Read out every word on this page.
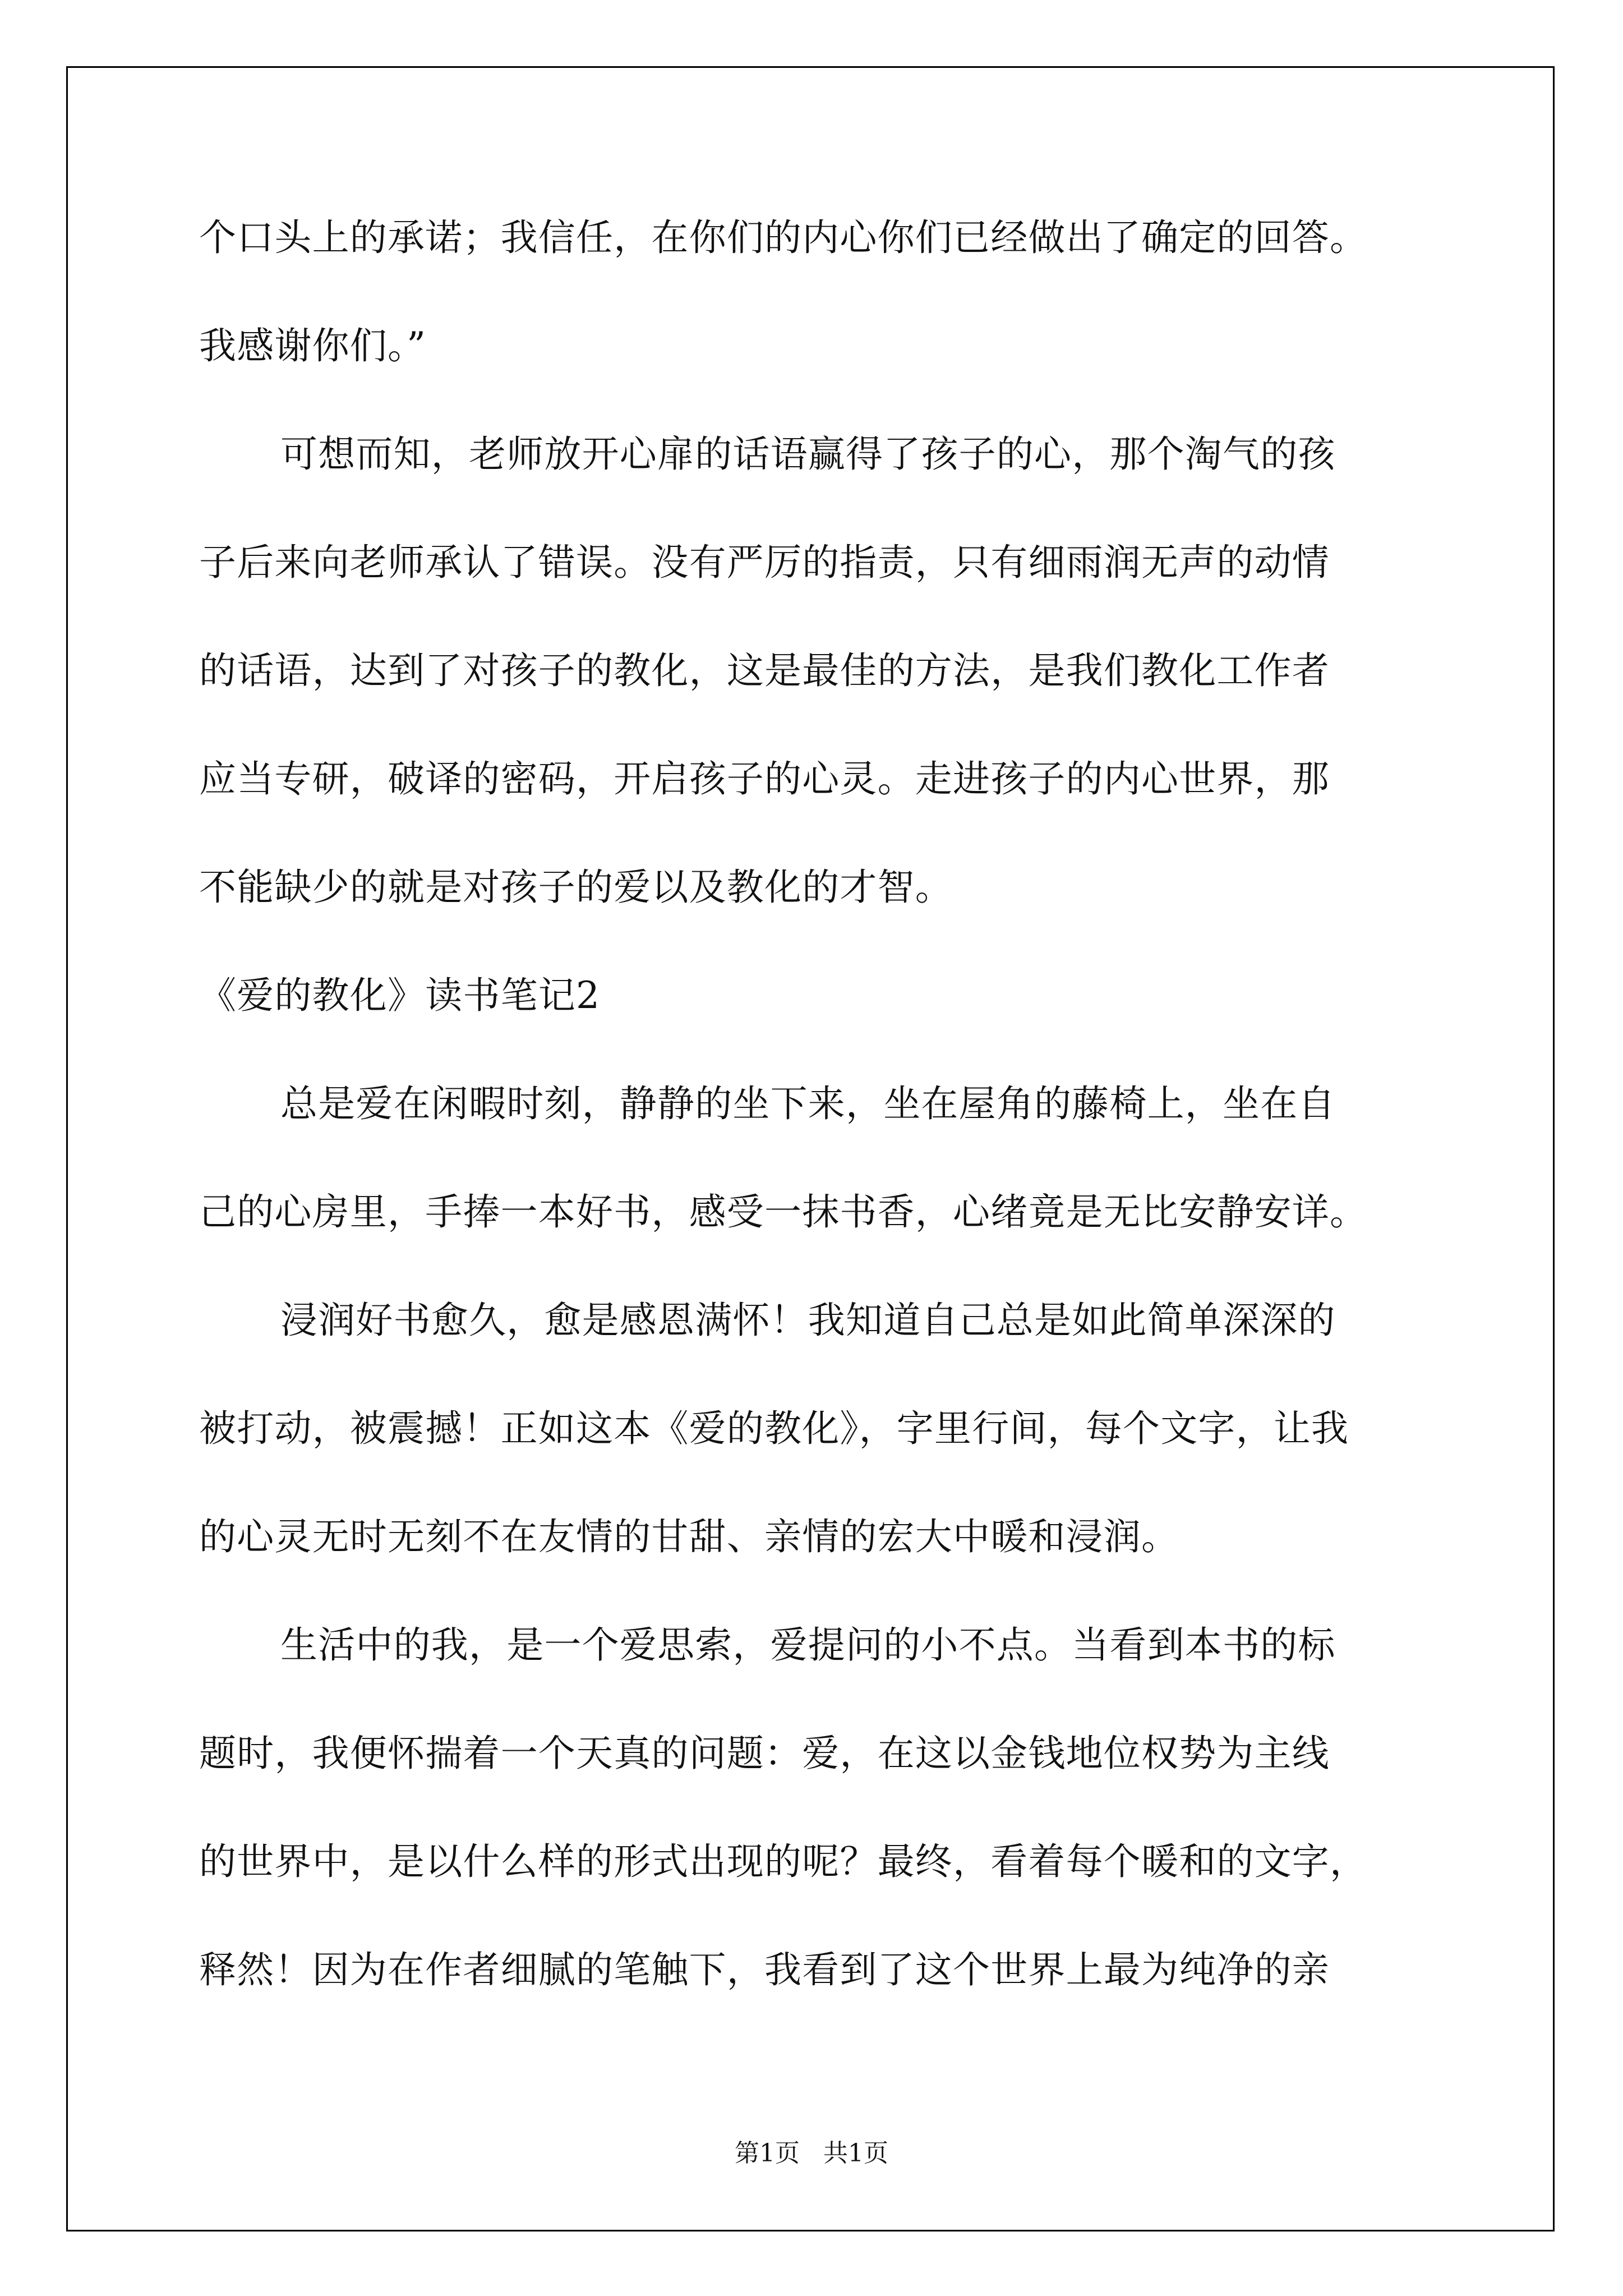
个口头上的承诺；我信任，在你们的内心你们已经做出了确定的回答。
我感谢你们。”
可想而知，老师放开心扉的话语赢得了孩子的心，那个淘气的孩
子后来向老师承认了错误。没有严厉的指责，只有细雨润无声的动情
的话语，达到了对孩子的教化，这是最佳的方法，是我们教化工作者
应当专研，破译的密码，开启孩子的心灵。走进孩子的内心世界，那
不能缺少的就是对孩子的爱以及教化的才智。
《爱的教化》读书笔记2
总是爱在闲暇时刻，静静的坐下来，坐在屋角的藤椅上，坐在自
己的心房里，手捧一本好书，感受一抹书香，心绪竟是无比安静安详。
浸润好书愈久，愈是感恩满怀！我知道自己总是如此简单深深的
被打动，被震撼！正如这本《爱的教化》，字里行间，每个文字，让我
的心灵无时无刻不在友情的甘甜、亲情的宏大中暖和浸润。
生活中的我，是一个爱思索，爱提问的小不点。当看到本书的标
题时，我便怀揣着一个天真的问题：爱，在这以金钱地位权势为主线
的世界中，是以什么样的形式出现的呢？最终，看着每个暖和的文字，
释然！因为在作者细腻的笔触下，我看到了这个世界上最为纯净的亲
第1页   共1页
